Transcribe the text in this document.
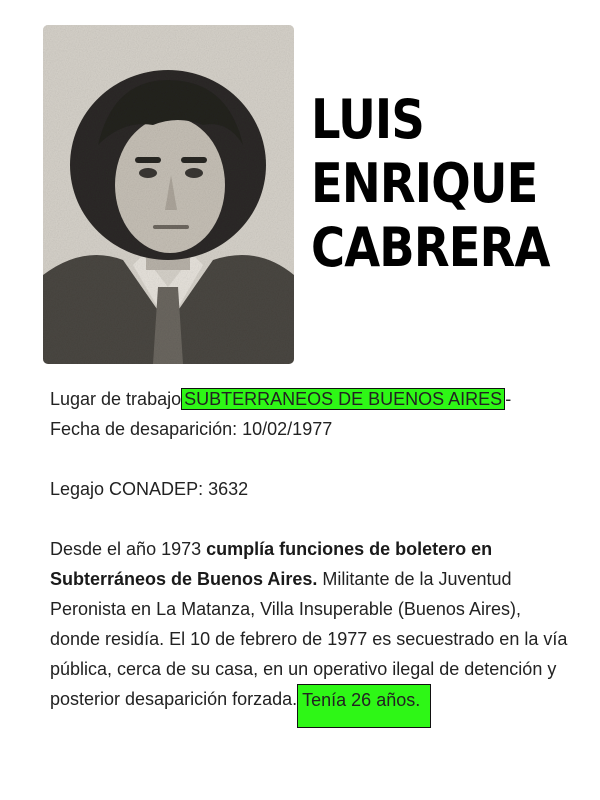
LUIS
ENRIQUE
CABRERA
Lugar de trabajo SUBTERRANEOS DE BUENOS AIRES -
Fecha de desaparición: 10/02/1977
Legajo CONADEP: 3632
Desde el año 1973 cumplía funciones de boletero en Subterráneos de Buenos Aires. Militante de la Juventud Peronista en La Matanza, Villa Insuperable (Buenos Aires), donde residía. El 10 de febrero de 1977 es secuestrado en la vía pública, cerca de su casa, en un operativo ilegal de detención y posterior desaparición forzada. Tenía 26 años.
